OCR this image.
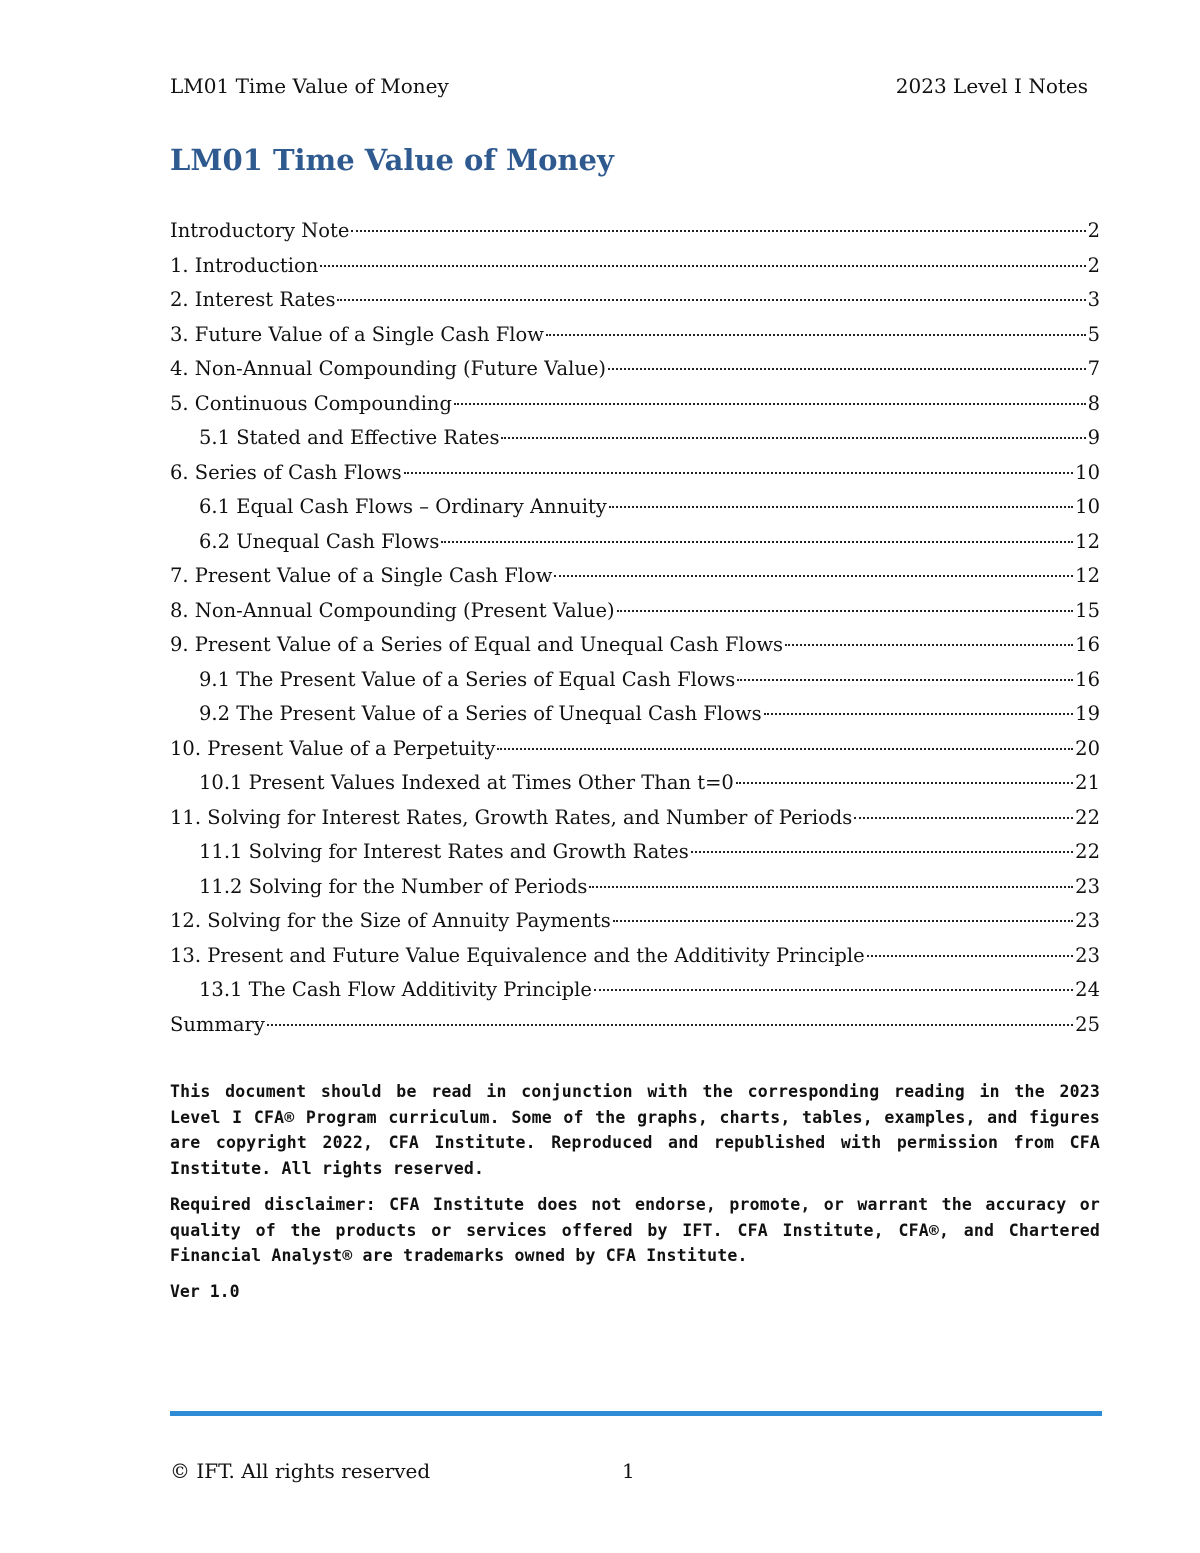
LM01 Time Value of Money	2023 Level I Notes
LM01 Time Value of Money
Introductory Note	2
1. Introduction	2
2. Interest Rates	3
3. Future Value of a Single Cash Flow	5
4. Non-Annual Compounding (Future Value)	7
5. Continuous Compounding	8
5.1 Stated and Effective Rates	9
6. Series of Cash Flows	10
6.1 Equal Cash Flows – Ordinary Annuity	10
6.2 Unequal Cash Flows	12
7. Present Value of a Single Cash Flow	12
8. Non-Annual Compounding (Present Value)	15
9. Present Value of a Series of Equal and Unequal Cash Flows	16
9.1 The Present Value of a Series of Equal Cash Flows	16
9.2 The Present Value of a Series of Unequal Cash Flows	19
10. Present Value of a Perpetuity	20
10.1 Present Values Indexed at Times Other Than t=0	21
11. Solving for Interest Rates, Growth Rates, and Number of Periods	22
11.1 Solving for Interest Rates and Growth Rates	22
11.2 Solving for the Number of Periods	23
12. Solving for the Size of Annuity Payments	23
13. Present and Future Value Equivalence and the Additivity Principle	23
13.1 The Cash Flow Additivity Principle	24
Summary	25

This document should be read in conjunction with the corresponding reading in the 2023 Level I CFA® Program curriculum. Some of the graphs, charts, tables, examples, and figures are copyright 2022, CFA Institute. Reproduced and republished with permission from CFA Institute. All rights reserved.

Required disclaimer: CFA Institute does not endorse, promote, or warrant the accuracy or quality of the products or services offered by IFT. CFA Institute, CFA®, and Chartered Financial Analyst® are trademarks owned by CFA Institute.

Ver 1.0

© IFT. All rights reserved	1
